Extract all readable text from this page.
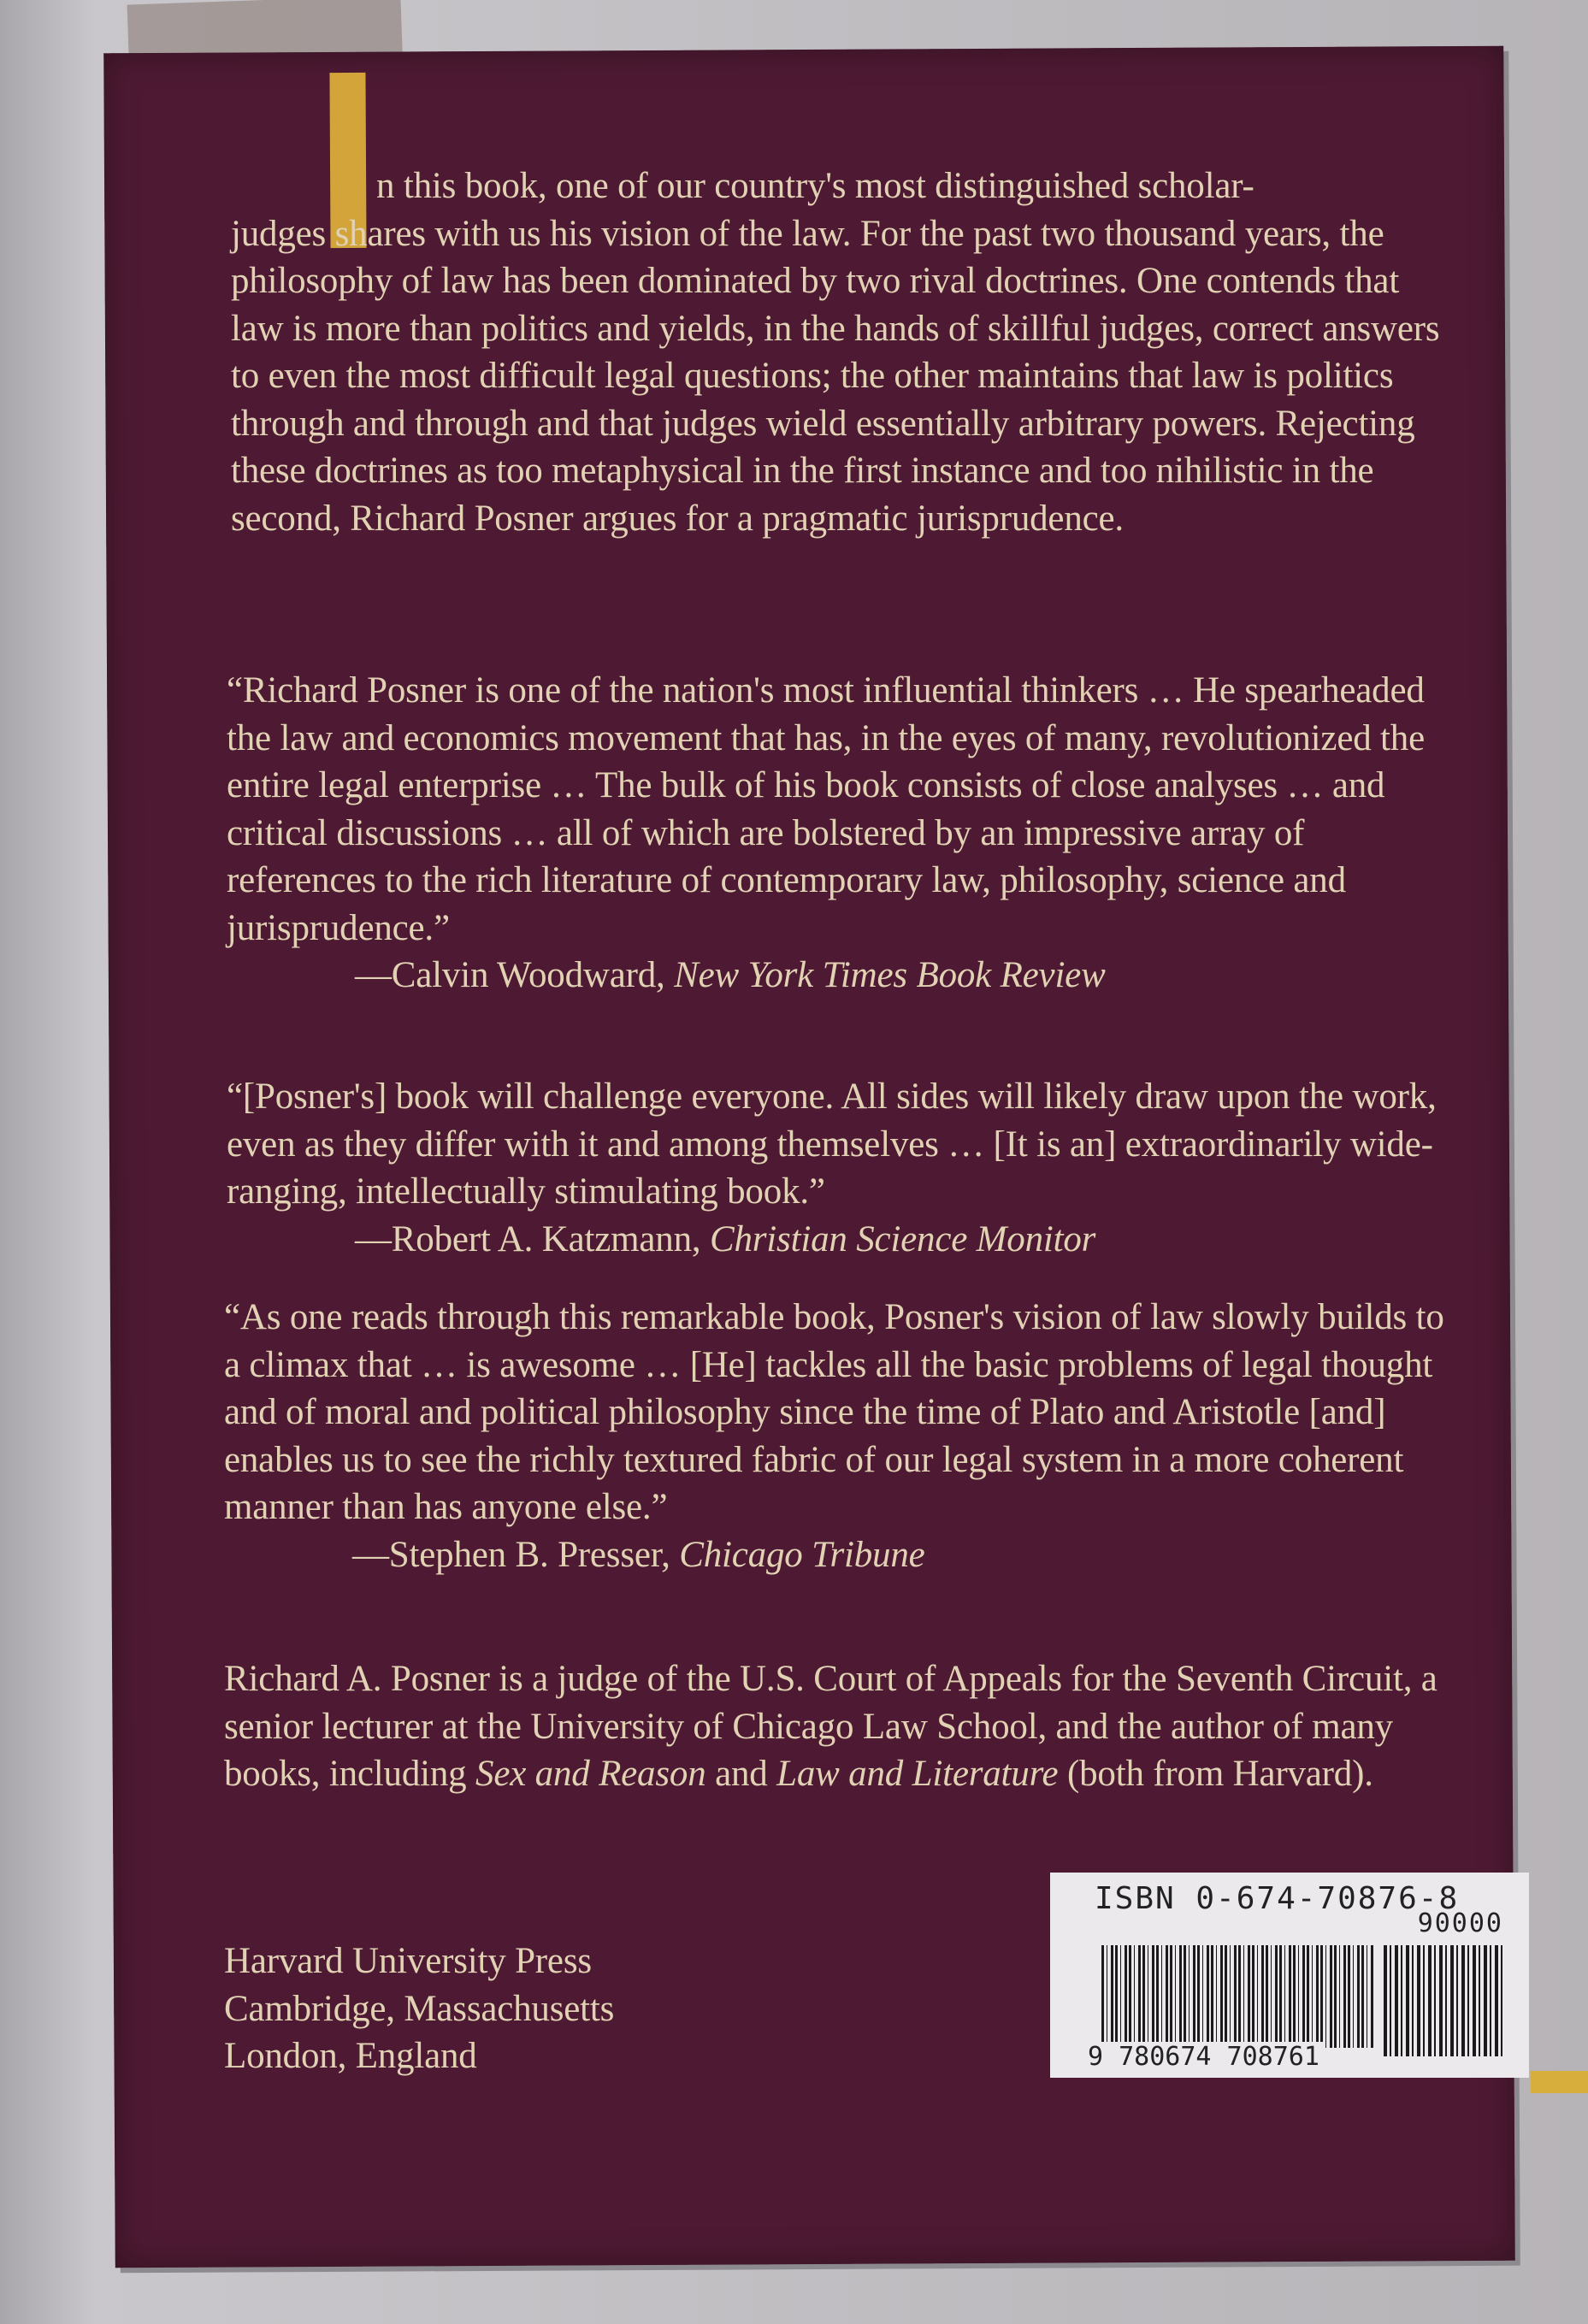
n this book, one of our country's most distinguished scholar-
judges shares with us his vision of the law. For the past two thousand years, the philosophy of law has been dominated by two rival doctrines. One contends that law is more than politics and yields, in the hands of skillful judges, correct answers to even the most difficult legal questions; the other maintains that law is politics through and through and that judges wield essentially arbitrary powers. Rejecting these doctrines as too metaphysical in the first instance and too nihilistic in the second, Richard Posner argues for a pragmatic jurisprudence.

“Richard Posner is one of the nation's most influential thinkers … He spearheaded the law and economics movement that has, in the eyes of many, revolutionized the entire legal enterprise … The bulk of his book consists of close analyses … and critical discussions … all of which are bolstered by an impressive array of references to the rich literature of contemporary law, philosophy, science and jurisprudence.”
—Calvin Woodward, New York Times Book Review

“[Posner's] book will challenge everyone. All sides will likely draw upon the work, even as they differ with it and among themselves … [It is an] extraordinarily wide-ranging, intellectually stimulating book.”
—Robert A. Katzmann, Christian Science Monitor

“As one reads through this remarkable book, Posner's vision of law slowly builds to a climax that … is awesome … [He] tackles all the basic problems of legal thought and of moral and political philosophy since the time of Plato and Aristotle [and] enables us to see the richly textured fabric of our legal system in a more coherent manner than has anyone else.”
—Stephen B. Presser, Chicago Tribune

Richard A. Posner is a judge of the U.S. Court of Appeals for the Seventh Circuit, a senior lecturer at the University of Chicago Law School, and the author of many books, including Sex and Reason and Law and Literature (both from Harvard).

Harvard University Press
Cambridge, Massachusetts
London, England

ISBN 0-674-70876-8
90000
9 780674 708761
